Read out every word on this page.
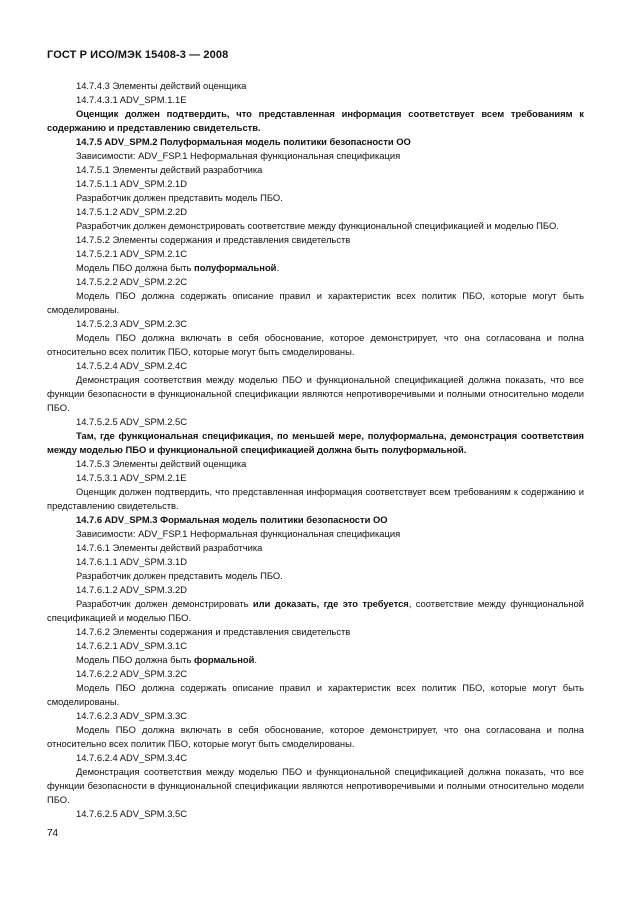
ГОСТ Р ИСО/МЭК 15408-3 — 2008

14.7.4.3 Элементы действий оценщика

14.7.4.3.1 ADV_SPM.1.1E

Оценщик должен подтвердить, что представленная информация соответствует всем требованиям к содержанию и представлению свидетельств.

14.7.5 ADV_SPM.2 Полуформальная модель политики безопасности ОО

Зависимости: ADV_FSP.1 Неформальная функциональная спецификация

14.7.5.1 Элементы действий разработчика

14.7.5.1.1 ADV_SPM.2.1D

Разработчик должен представить модель ПБО.

14.7.5.1.2 ADV_SPM.2.2D

Разработчик должен демонстрировать соответствие между функциональной спецификацией и моделью ПБО.

14.7.5.2 Элементы содержания и представления свидетельств

14.7.5.2.1 ADV_SPM.2.1C

Модель ПБО должна быть полуформальной.

14.7.5.2.2 ADV_SPM.2.2C

Модель ПБО должна содержать описание правил и характеристик всех политик ПБО, которые могут быть смоделированы.

14.7.5.2.3 ADV_SPM.2.3C

Модель ПБО должна включать в себя обоснование, которое демонстрирует, что она согласована и полна относительно всех политик ПБО, которые могут быть смоделированы.

14.7.5.2.4 ADV_SPM.2.4C

Демонстрация соответствия между моделью ПБО и функциональной спецификацией должна показать, что все функции безопасности в функциональной спецификации являются непротиворечивыми и полными относительно модели ПБО.

14.7.5.2.5 ADV_SPM.2.5C

Там, где функциональная спецификация, по меньшей мере, полуформальна, демонстрация соответствия между моделью ПБО и функциональной спецификацией должна быть полуформальной.

14.7.5.3 Элементы действий оценщика

14.7.5.3.1 ADV_SPM.2.1E

Оценщик должен подтвердить, что представленная информация соответствует всем требованиям к содержанию и представлению свидетельств.

14.7.6 ADV_SPM.3 Формальная модель политики безопасности ОО

Зависимости: ADV_FSP.1 Неформальная функциональная спецификация

14.7.6.1 Элементы действий разработчика

14.7.6.1.1 ADV_SPM.3.1D

Разработчик должен представить модель ПБО.

14.7.6.1.2 ADV_SPM.3.2D

Разработчик должен демонстрировать или доказать, где это требуется, соответствие между функциональной спецификацией и моделью ПБО.

14.7.6.2 Элементы содержания и представления свидетельств

14.7.6.2.1 ADV_SPM.3.1C

Модель ПБО должна быть формальной.

14.7.6.2.2 ADV_SPM.3.2C

Модель ПБО должна содержать описание правил и характеристик всех политик ПБО, которые могут быть смоделированы.

14.7.6.2.3 ADV_SPM.3.3C

Модель ПБО должна включать в себя обоснование, которое демонстрирует, что она согласована и полна относительно всех политик ПБО, которые могут быть смоделированы.

14.7.6.2.4 ADV_SPM.3.4C

Демонстрация соответствия между моделью ПБО и функциональной спецификацией должна показать, что все функции безопасности в функциональной спецификации являются непротиворечивыми и полными относительно модели ПБО.

14.7.6.2.5 ADV_SPM.3.5C

74
